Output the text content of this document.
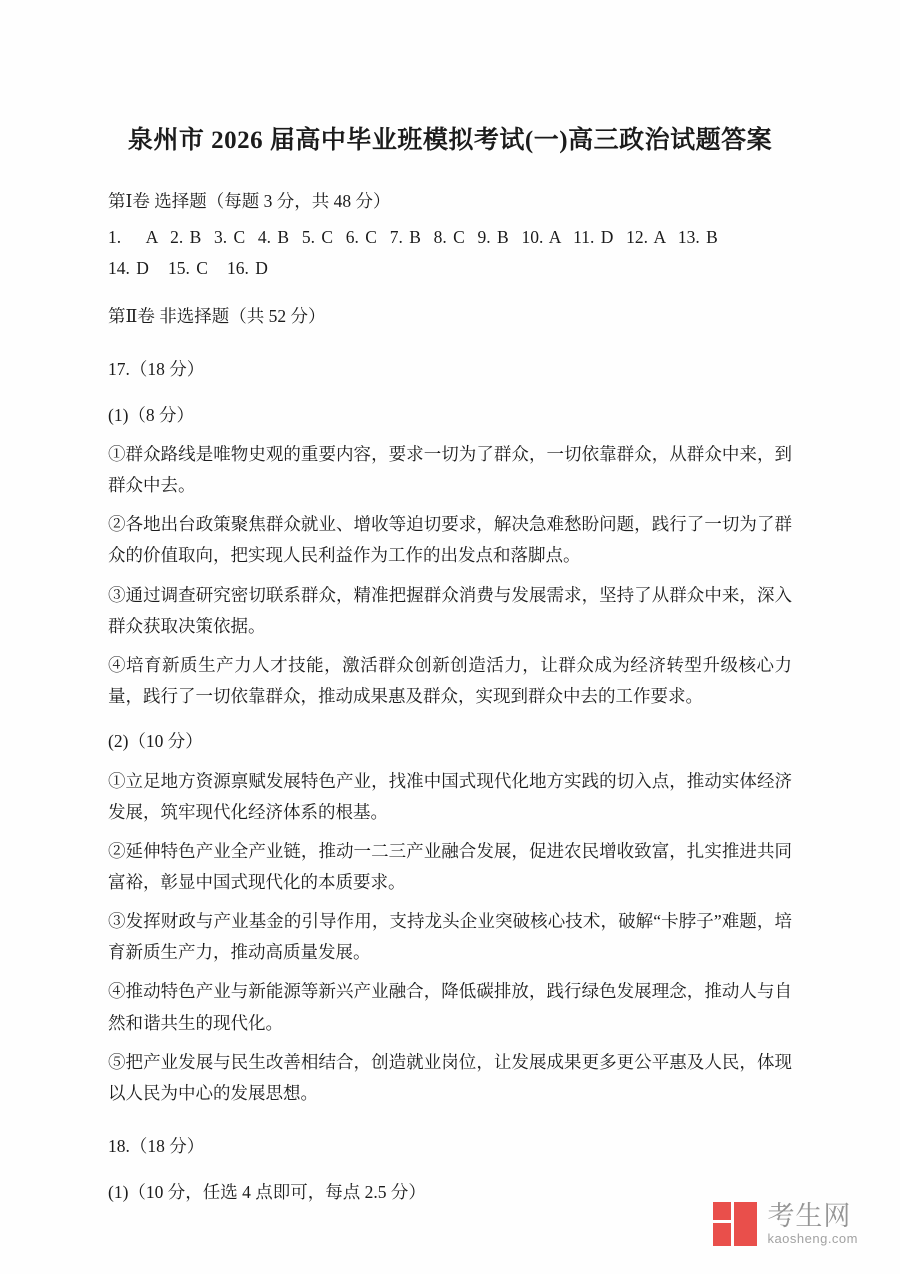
泉州市 2026 届高中毕业班模拟考试(一)高三政治试题答案

第Ⅰ卷 选择题（每题 3 分，共 48 分）

1.    A  2. B  3. C  4. B  5. C  6. C  7. B  8. C  9. B  10. A  11. D  12. A  13. B

14. D   15. C   16. D

第Ⅱ卷 非选择题（共 52 分）

17.（18 分）

(1)（8 分）

①群众路线是唯物史观的重要内容，要求一切为了群众，一切依靠群众，从群众中来，到群众中去。

②各地出台政策聚焦群众就业、增收等迫切要求，解决急难愁盼问题，践行了一切为了群众的价值取向，把实现人民利益作为工作的出发点和落脚点。

③通过调查研究密切联系群众，精准把握群众消费与发展需求，坚持了从群众中来，深入群众获取决策依据。

④培育新质生产力人才技能，激活群众创新创造活力，让群众成为经济转型升级核心力量，践行了一切依靠群众，推动成果惠及群众，实现到群众中去的工作要求。

(2)（10 分）

①立足地方资源禀赋发展特色产业，找准中国式现代化地方实践的切入点，推动实体经济发展，筑牢现代化经济体系的根基。

②延伸特色产业全产业链，推动一二三产业融合发展，促进农民增收致富，扎实推进共同富裕，彰显中国式现代化的本质要求。

③发挥财政与产业基金的引导作用，支持龙头企业突破核心技术，破解“卡脖子”难题，培育新质生产力，推动高质量发展。

④推动特色产业与新能源等新兴产业融合，降低碳排放，践行绿色发展理念，推动人与自然和谐共生的现代化。

⑤把产业发展与民生改善相结合，创造就业岗位，让发展成果更多更公平惠及人民，体现以人民为中心的发展思想。

18.（18 分）

(1)（10 分，任选 4 点即可，每点 2.5 分）

考生网
kaosheng.com
